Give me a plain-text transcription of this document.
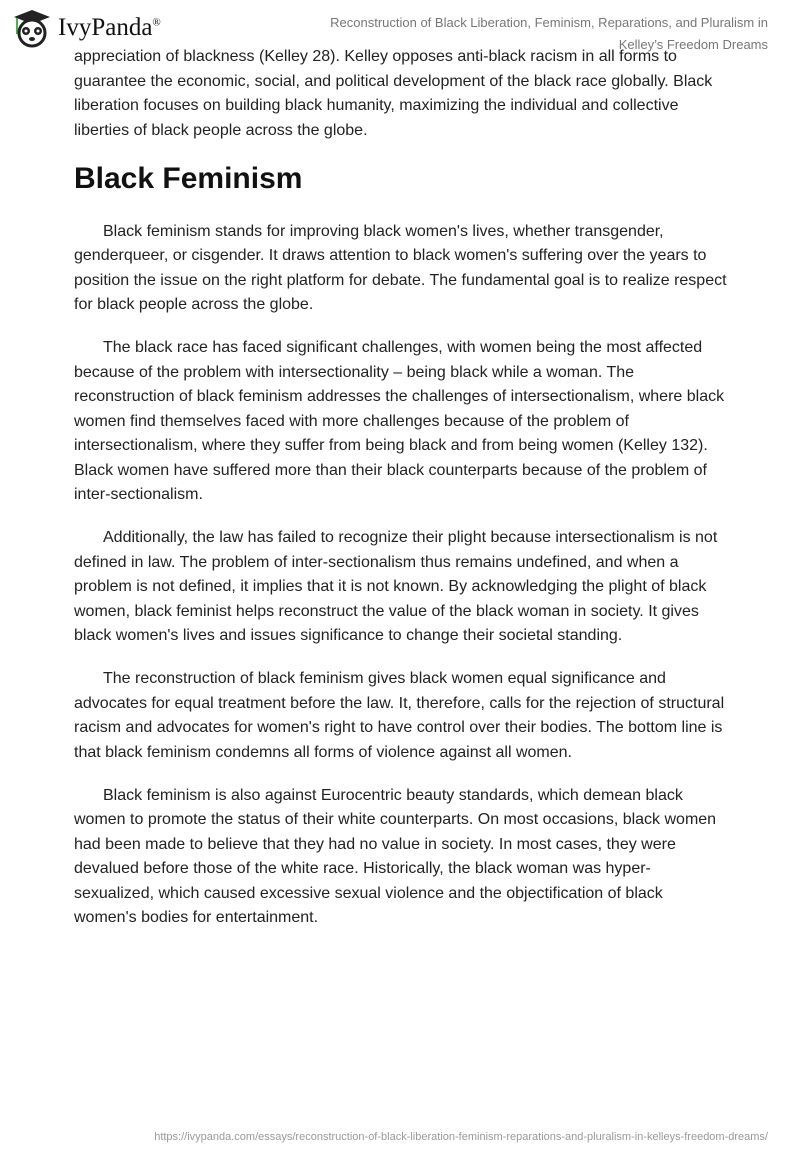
IvyPanda®	Reconstruction of Black Liberation, Feminism, Reparations, and Pluralism in Kelley’s Freedom Dreams

appreciation of blackness (Kelley 28). Kelley opposes anti-black racism in all forms to guarantee the economic, social, and political development of the black race globally. Black liberation focuses on building black humanity, maximizing the individual and collective liberties of black people across the globe.

Black Feminism

Black feminism stands for improving black women's lives, whether transgender, genderqueer, or cisgender. It draws attention to black women's suffering over the years to position the issue on the right platform for debate. The fundamental goal is to realize respect for black people across the globe.

The black race has faced significant challenges, with women being the most affected because of the problem with intersectionality – being black while a woman. The reconstruction of black feminism addresses the challenges of intersectionalism, where black women find themselves faced with more challenges because of the problem of intersectionalism, where they suffer from being black and from being women (Kelley 132). Black women have suffered more than their black counterparts because of the problem of inter-sectionalism.

Additionally, the law has failed to recognize their plight because intersectionalism is not defined in law. The problem of inter-sectionalism thus remains undefined, and when a problem is not defined, it implies that it is not known. By acknowledging the plight of black women, black feminist helps reconstruct the value of the black woman in society. It gives black women's lives and issues significance to change their societal standing.

The reconstruction of black feminism gives black women equal significance and advocates for equal treatment before the law. It, therefore, calls for the rejection of structural racism and advocates for women's right to have control over their bodies. The bottom line is that black feminism condemns all forms of violence against all women.

Black feminism is also against Eurocentric beauty standards, which demean black women to promote the status of their white counterparts. On most occasions, black women had been made to believe that they had no value in society. In most cases, they were devalued before those of the white race. Historically, the black woman was hyper-sexualized, which caused excessive sexual violence and the objectification of black women's bodies for entertainment.

https://ivypanda.com/essays/reconstruction-of-black-liberation-feminism-reparations-and-pluralism-in-kelleys-freedom-dreams/
